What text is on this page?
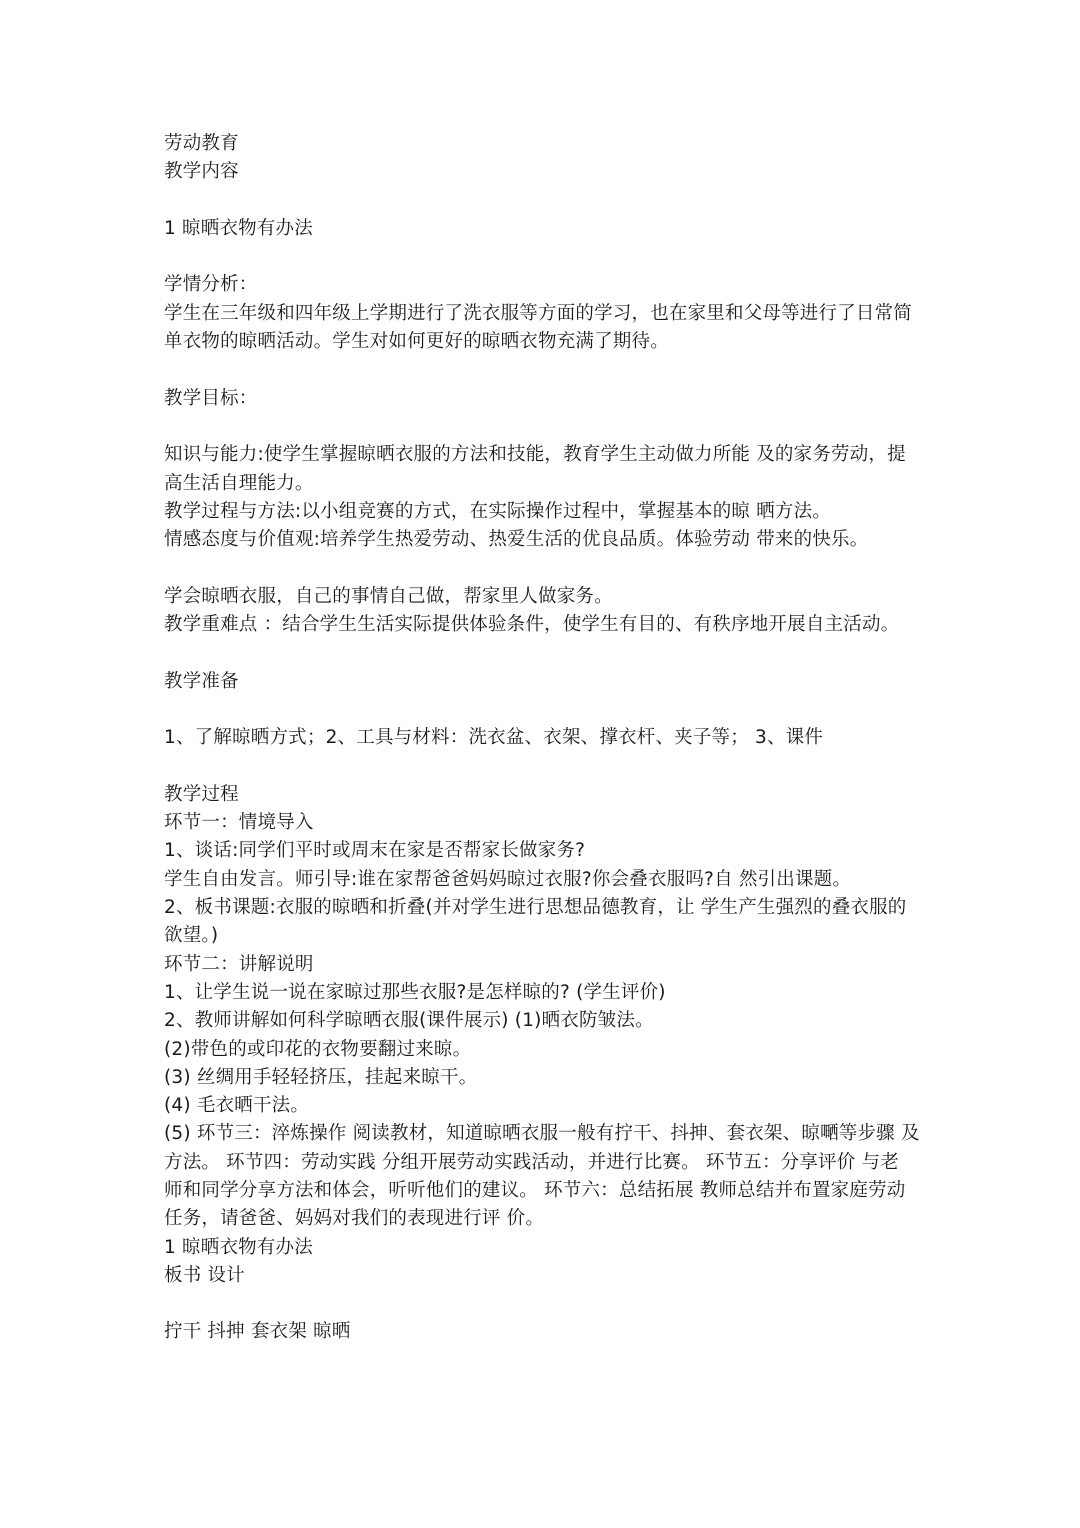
劳动教育
教学内容
1 晾晒衣物有办法
学情分析：
学生在三年级和四年级上学期进行了洗衣服等方面的学习，也在家里和父母等进行了日常简
单衣物的晾晒活动。学生对如何更好的晾晒衣物充满了期待。
教学目标：
知识与能力:使学生掌握晾晒衣服的方法和技能，教育学生主动做力所能 及的家务劳动，提
高生活自理能力。
教学过程与方法:以小组竞赛的方式，在实际操作过程中，掌握基本的晾 晒方法。
情感态度与价值观:培养学生热爱劳动、热爱生活的优良品质。体验劳动 带来的快乐。
学会晾晒衣服，自己的事情自己做，帮家里人做家务。
教学重难点 ：结合学生生活实际提供体验条件，使学生有目的、有秩序地开展自主活动。
教学准备
1、了解晾晒方式；2、工具与材料：洗衣盆、衣架、撑衣杆、夹子等； 3、课件
教学过程
环节一：情境导入
1、谈话:同学们平时或周末在家是否帮家长做家务?
学生自由发言。师引导:谁在家帮爸爸妈妈晾过衣服?你会叠衣服吗?自 然引出课题。
2、板书课题:衣服的晾晒和折叠(并对学生进行思想品德教育，让 学生产生强烈的叠衣服的
欲望。)
环节二：讲解说明
1、让学生说一说在家晾过那些衣服?是怎样晾的? (学生评价)
2、教师讲解如何科学晾晒衣服(课件展示) (1)晒衣防皱法。
(2)带色的或印花的衣物要翻过来晾。
(3) 丝绸用手轻轻挤压，挂起来晾干。
(4) 毛衣晒干法。
(5) 环节三：淬炼操作 阅读教材，知道晾晒衣服一般有拧干、抖抻、套衣架、晾嗮等步骤 及
方法。 环节四：劳动实践 分组开展劳动实践活动，并进行比赛。 环节五：分享评价 与老
师和同学分享方法和体会，听听他们的建议。 环节六：总结拓展 教师总结并布置家庭劳动
任务，请爸爸、妈妈对我们的表现进行评 价。
1 晾晒衣物有办法
板书 设计
拧干 抖抻 套衣架 晾晒
